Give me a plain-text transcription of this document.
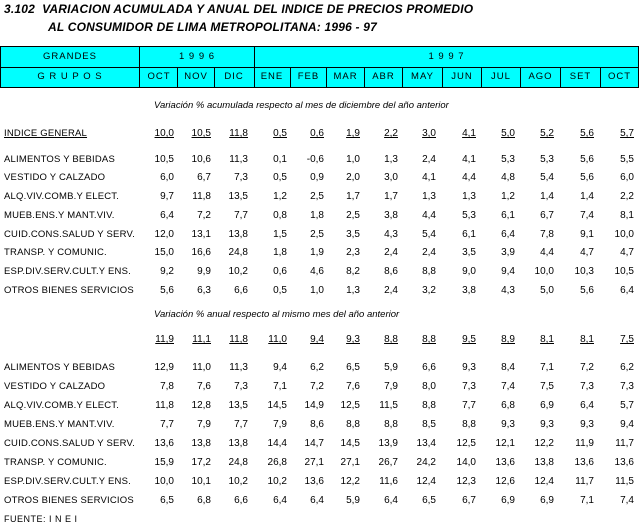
3.102  VARIACION ACUMULADA Y ANUAL DEL INDICE DE PRECIOS PROMEDIO
AL CONSUMIDOR DE LIMA METROPOLITANA: 1996 - 97
GRANDES
G R U P O S
1 9 9 6	1 9 9 7
OCT	NOV	DIC	ENE	FEB	MAR	ABR	MAY	JUN	JUL	AGO	SET	OCT
Variación % acumulada respecto al mes de diciembre del año anterior
INDICE GENERAL	10,0	10,5	11,8	0,5	0,6	1,9	2,2	3,0	4,1	5,0	5,2	5,6	5,7
ALIMENTOS Y BEBIDAS	10,5	10,6	11,3	0,1	-0,6	1,0	1,3	2,4	4,1	5,3	5,3	5,6	5,5
VESTIDO Y CALZADO	6,0	6,7	7,3	0,5	0,9	2,0	3,0	4,1	4,4	4,8	5,4	5,6	6,0
ALQ.VIV.COMB.Y ELECT.	9,7	11,8	13,5	1,2	2,5	1,7	1,7	1,3	1,3	1,2	1,4	1,4	2,2
MUEB.ENS.Y MANT.VIV.	6,4	7,2	7,7	0,8	1,8	2,5	3,8	4,4	5,3	6,1	6,7	7,4	8,1
CUID.CONS.SALUD Y SERV.	12,0	13,1	13,8	1,5	2,5	3,5	4,3	5,4	6,1	6,4	7,8	9,1	10,0
TRANSP. Y COMUNIC.	15,0	16,6	24,8	1,8	1,9	2,3	2,4	2,4	3,5	3,9	4,4	4,7	4,7
ESP.DIV.SERV.CULT.Y ENS.	9,2	9,9	10,2	0,6	4,6	8,2	8,6	8,8	9,0	9,4	10,0	10,3	10,5
OTROS BIENES SERVICIOS	5,6	6,3	6,6	0,5	1,0	1,3	2,4	3,2	3,8	4,3	5,0	5,6	6,4
Variación % anual respecto al mismo mes del año anterior
11,9	11,1	11,8	11,0	9,4	9,3	8,8	8,8	9,5	8,9	8,1	8,1	7,5
ALIMENTOS Y BEBIDAS	12,9	11,0	11,3	9,4	6,2	6,5	5,9	6,6	9,3	8,4	7,1	7,2	6,2
VESTIDO Y CALZADO	7,8	7,6	7,3	7,1	7,2	7,6	7,9	8,0	7,3	7,4	7,5	7,3	7,3
ALQ.VIV.COMB.Y ELECT.	11,8	12,8	13,5	14,5	14,9	12,5	11,5	8,8	7,7	6,8	6,9	6,4	5,7
MUEB.ENS.Y MANT.VIV.	7,7	7,9	7,7	7,9	8,6	8,8	8,8	8,5	8,8	9,3	9,3	9,3	9,4
CUID.CONS.SALUD Y SERV.	13,6	13,8	13,8	14,4	14,7	14,5	13,9	13,4	12,5	12,1	12,2	11,9	11,7
TRANSP. Y COMUNIC.	15,9	17,2	24,8	26,8	27,1	27,1	26,7	24,2	14,0	13,6	13,8	13,6	13,6
ESP.DIV.SERV.CULT.Y ENS.	10,0	10,1	10,2	10,2	13,6	12,2	11,6	12,4	12,3	12,6	12,4	11,7	11,5
OTROS BIENES SERVICIOS	6,5	6,8	6,6	6,4	6,4	5,9	6,4	6,5	6,7	6,9	6,9	7,1	7,4
FUENTE: I N E I
